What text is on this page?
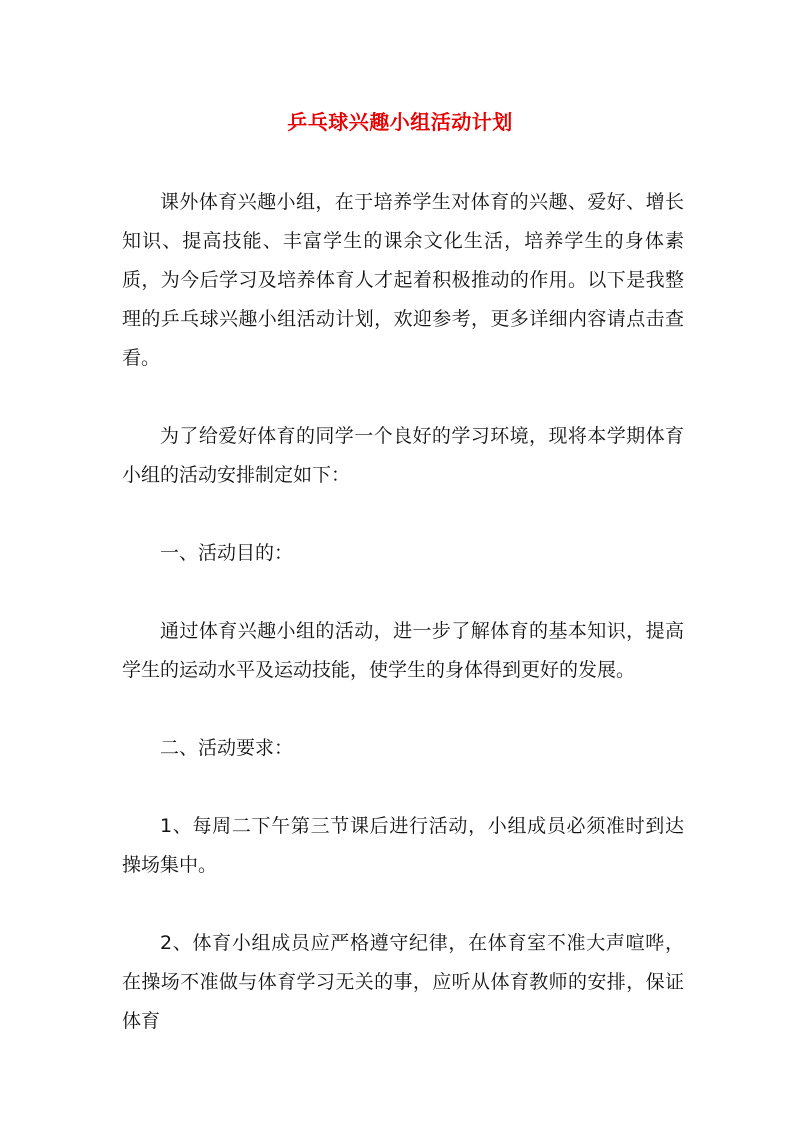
乒乓球兴趣小组活动计划

课外体育兴趣小组，在于培养学生对体育的兴趣、爱好、增长知识、提高技能、丰富学生的课余文化生活，培养学生的身体素质，为今后学习及培养体育人才起着积极推动的作用。以下是我整理的乒乓球兴趣小组活动计划，欢迎参考，更多详细内容请点击查看。

为了给爱好体育的同学一个良好的学习环境，现将本学期体育小组的活动安排制定如下：

一、活动目的：

通过体育兴趣小组的活动，进一步了解体育的基本知识，提高学生的运动水平及运动技能，使学生的身体得到更好的发展。

二、活动要求：

1、每周二下午第三节课后进行活动，小组成员必须准时到达操场集中。

2、体育小组成员应严格遵守纪律，在体育室不准大声喧哗，在操场不准做与体育学习无关的事，应听从体育教师的安排，保证体育
